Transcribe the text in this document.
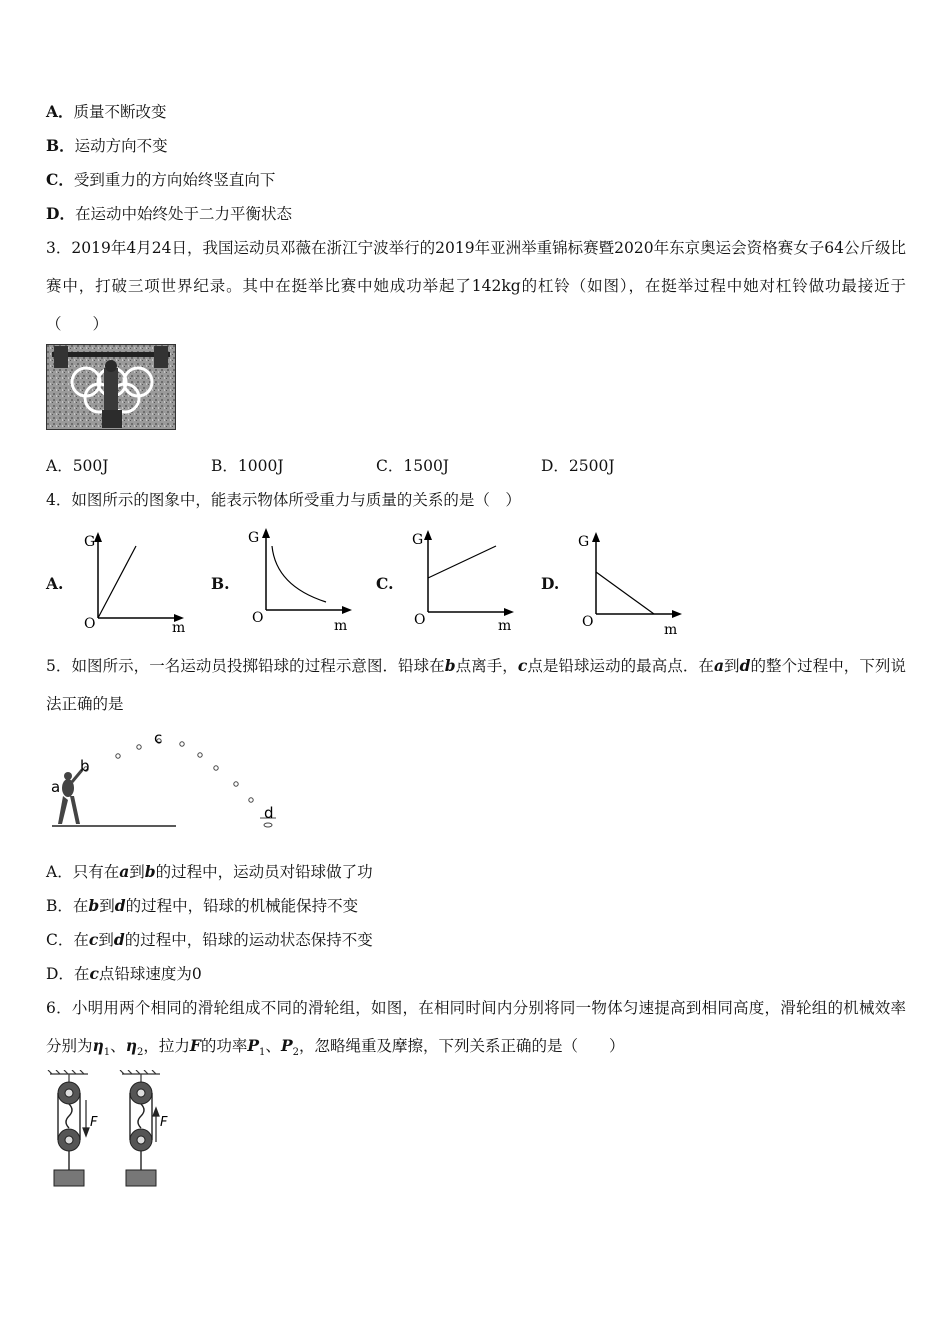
A．质量不断改变
B．运动方向不变
C．受到重力的方向始终竖直向下
D．在运动中始终处于二力平衡状态
3．2019年4月24日，我国运动员邓薇在浙江宁波举行的2019年亚洲举重锦标赛暨2020年东京奥运会资格赛女子64公斤级比赛中，打破三项世界纪录。其中在挺举比赛中她成功举起了142kg的杠铃（如图），在挺举过程中她对杠铃做功最接近于（　　）
A．500J	B．1000J	C．1500J	D．2500J
4．如图所示的图象中，能表示物体所受重力与质量的关系的是（　）
A.
G
O	m
B.
G
O	m
C.
G
O	m
D.
G
O	m
5．如图所示，一名运动员投掷铅球的过程示意图．铅球在b点离手，c点是铅球运动的最高点．在a到d的整个过程中，下列说法正确的是
a
b
c
d
A．只有在a到b的过程中，运动员对铅球做了功
B．在b到d的过程中，铅球的机械能保持不变
C．在c到d的过程中，铅球的运动状态保持不变
D．在c点铅球速度为0
6．小明用两个相同的滑轮组成不同的滑轮组，如图，在相同时间内分别将同一物体匀速提高到相同高度，滑轮组的机械效率分别为$\eta_1$、$\eta_2$，拉力F的功率$P_1$、$P_2$，忽略绳重及摩擦，下列关系正确的是（　　）
F	F
